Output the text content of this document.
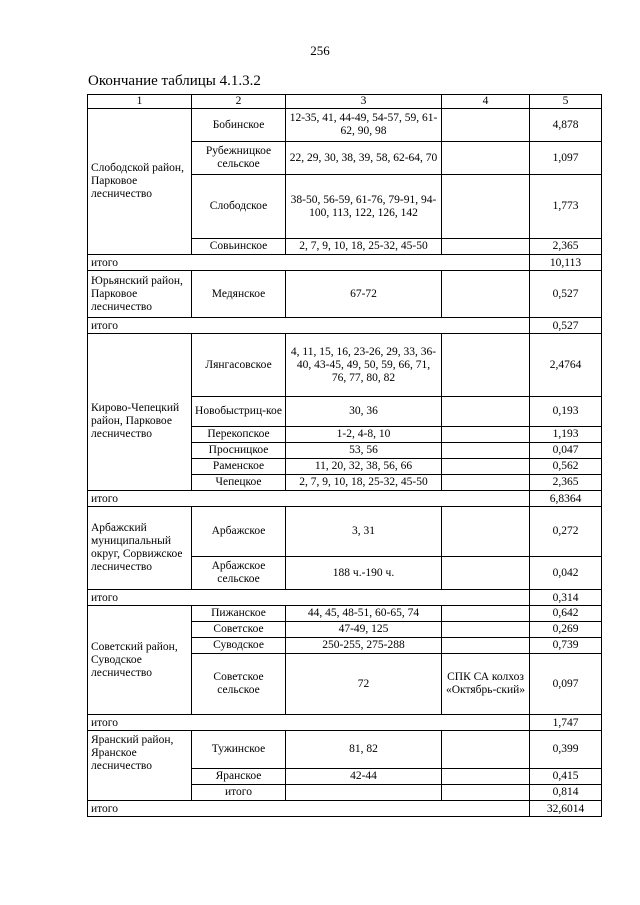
256
Окончание таблицы 4.1.3.2
1	2	3	4	5
Слободской район, Парковое лесничество	Бобинское	12-35, 41, 44-49, 54-57, 59, 61-62, 90, 98		4,878
	Рубежницкое сельское	22, 29, 30, 38, 39, 58, 62-64, 70		1,097
	Слободское	38-50, 56-59, 61-76, 79-91, 94-100, 113, 122, 126, 142		1,773
	Совьинское	2, 7, 9, 10, 18, 25-32, 45-50		2,365
итого				10,113
Юрьянский район, Парковое лесничество	Медянское	67-72		0,527
итого				0,527
Кирово-Чепецкий район, Парковое лесничество	Лянгасовское	4, 11, 15, 16, 23-26, 29, 33, 36-40, 43-45, 49, 50, 59, 66, 71, 76, 77, 80, 82		2,4764
	Новобыстриц-кое	30, 36		0,193
	Перекопское	1-2, 4-8, 10		1,193
	Просницкое	53, 56		0,047
	Раменское	11, 20, 32, 38, 56, 66		0,562
	Чепецкое	2, 7, 9, 10, 18, 25-32, 45-50		2,365
итого				6,8364
Арбажский муниципальный округ, Сорвижское лесничество	Арбажское	3, 31		0,272
	Арбажское сельское	188 ч.-190 ч.		0,042
итого				0,314
Советский район, Суводское лесничество	Пижанское	44, 45, 48-51, 60-65, 74		0,642
	Советское	47-49, 125		0,269
	Суводское	250-255, 275-288		0,739
	Советское сельское	72	СПК СА колхоз «Октябрь-ский»	0,097
итого				1,747
Яранский район, Яранское лесничество	Тужинское	81, 82		0,399
	Яранское	42-44		0,415
	итого			0,814
итого				32,6014
